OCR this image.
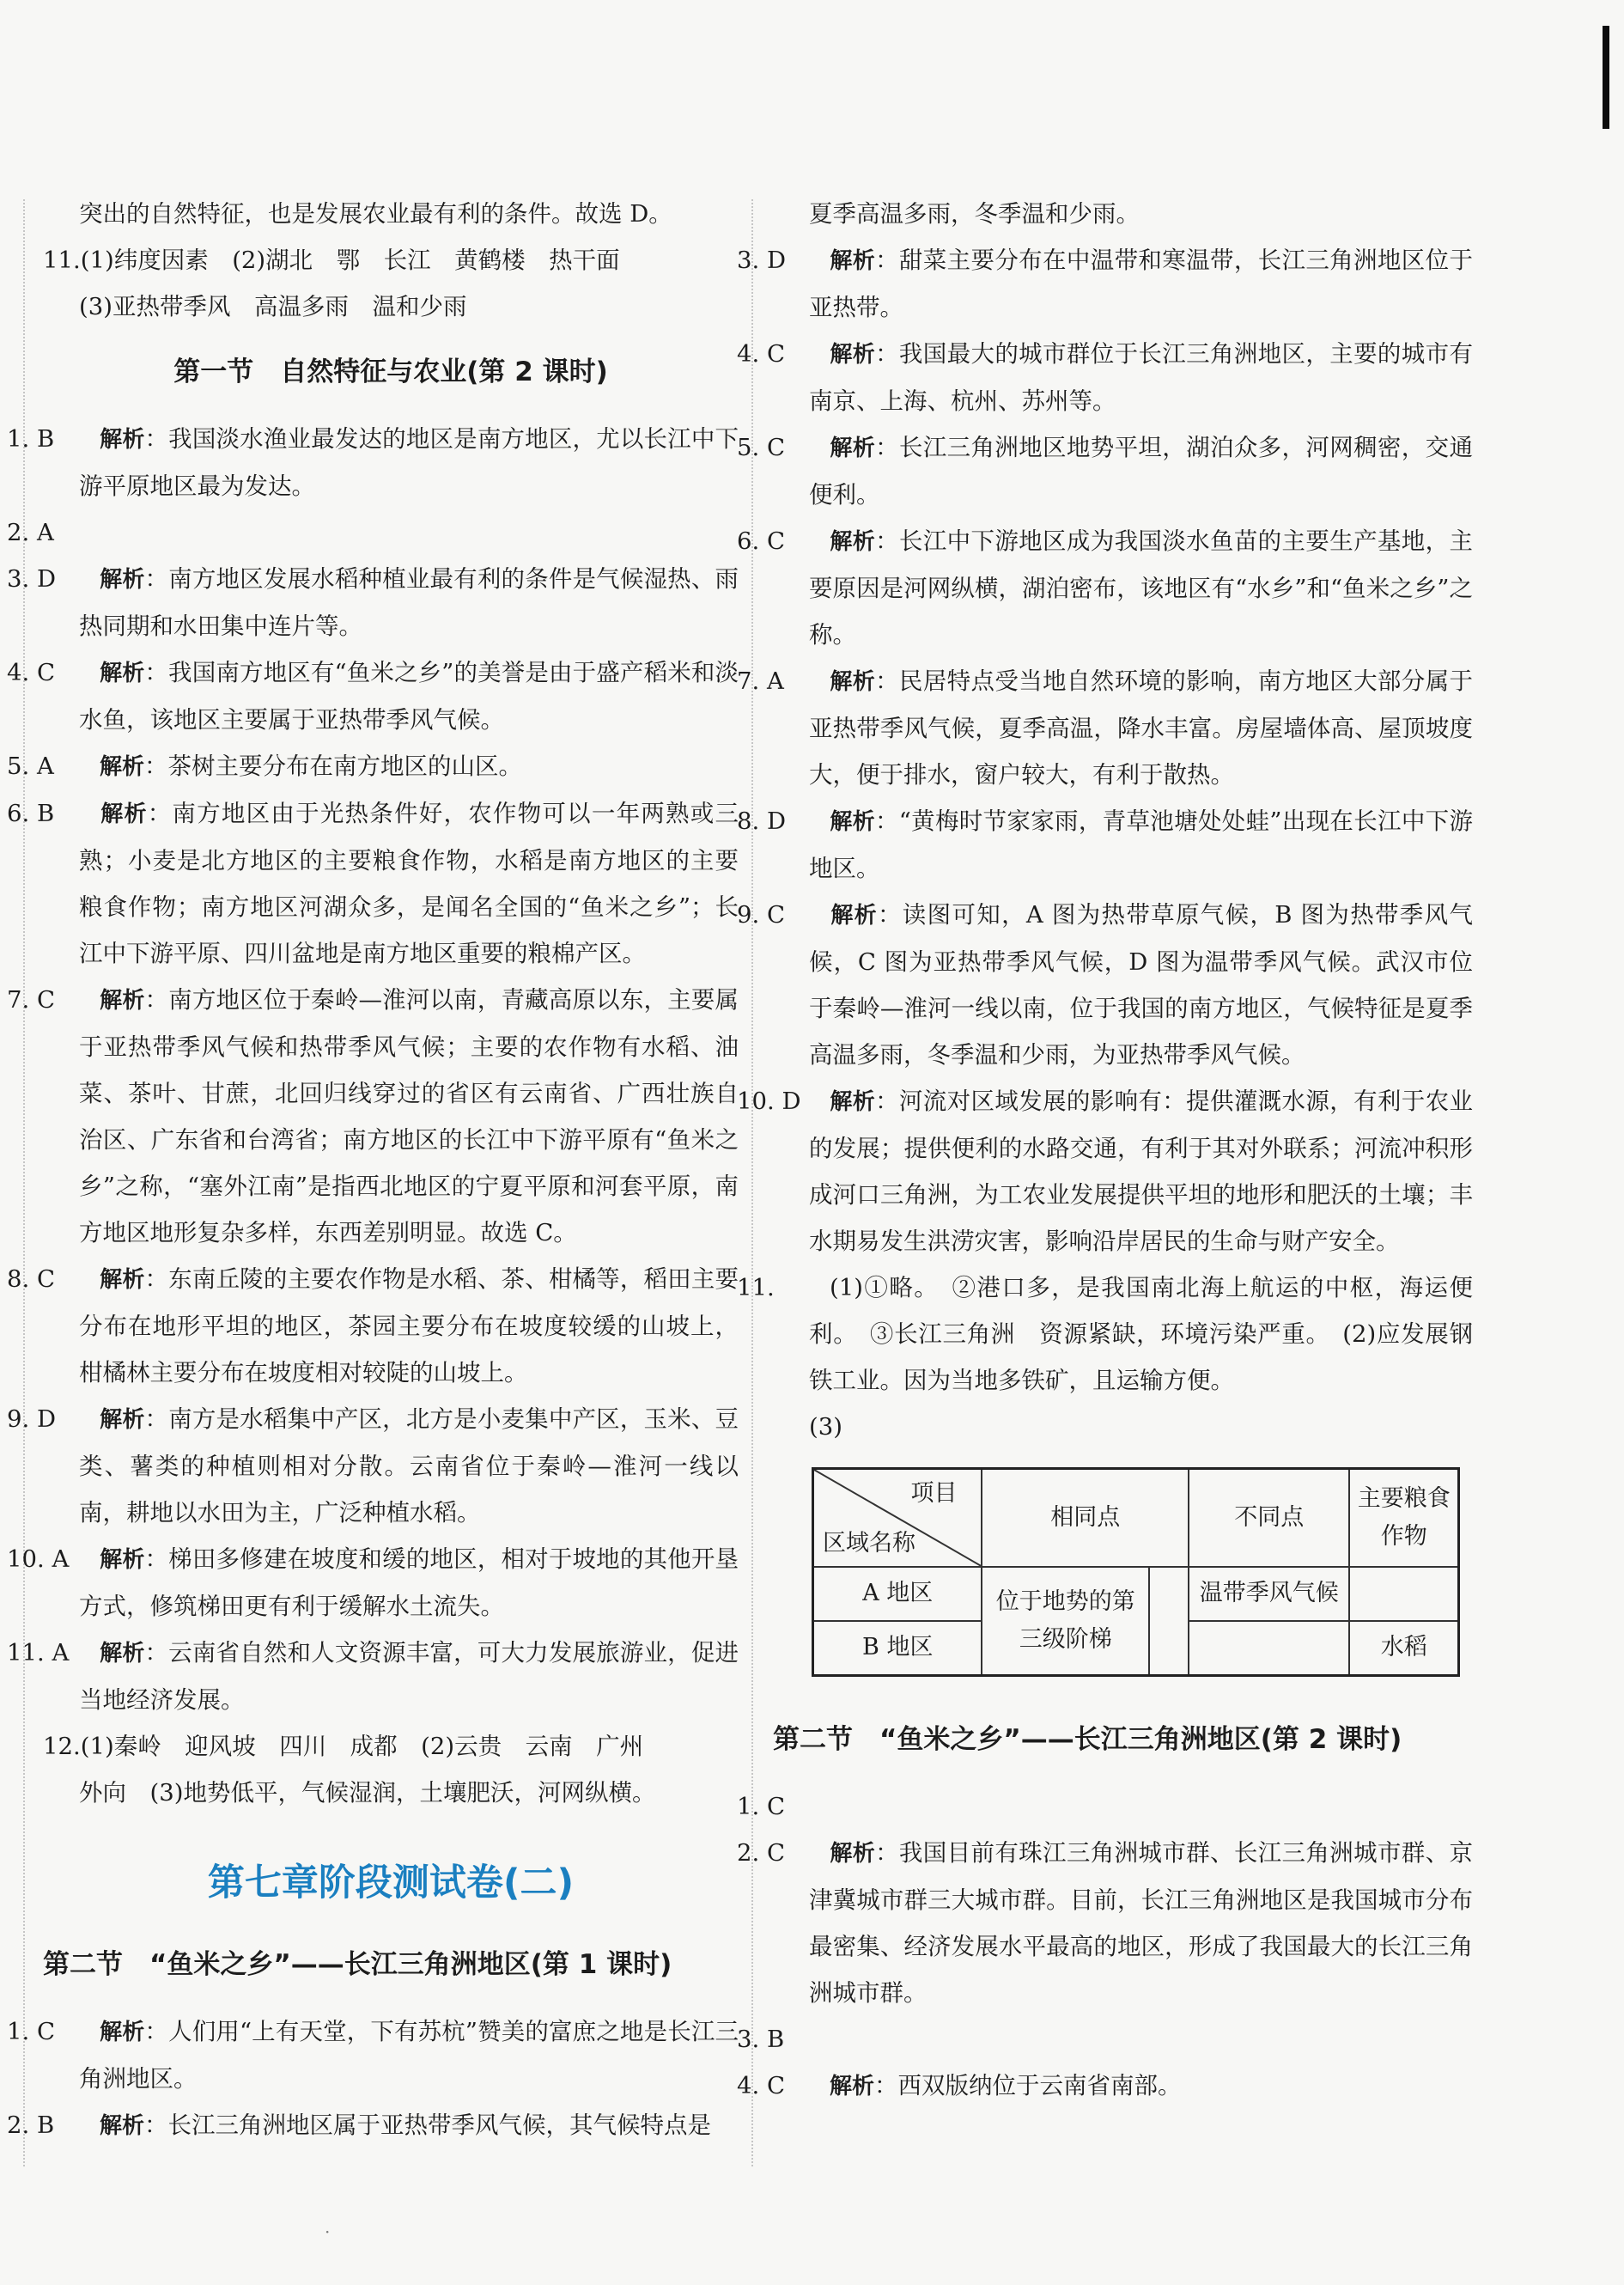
突出的自然特征，也是发展农业最有利的条件。故选 D。

11.(1)纬度因素　(2)湖北　鄂　长江　黄鹤楼　热干面
(3)亚热带季风　高温多雨　温和少雨

第一节　自然特征与农业(第 2 课时)

1. B 解析：我国淡水渔业最发达的地区是南方地区，尤以长江中下游平原地区最为发达。

2. A

3. D 解析：南方地区发展水稻种植业最有利的条件是气候湿热、雨热同期和水田集中连片等。

4. C 解析：我国南方地区有“鱼米之乡”的美誉是由于盛产稻米和淡水鱼，该地区主要属于亚热带季风气候。

5. A 解析：茶树主要分布在南方地区的山区。

6. B 解析：南方地区由于光热条件好，农作物可以一年两熟或三熟；小麦是北方地区的主要粮食作物，水稻是南方地区的主要粮食作物；南方地区河湖众多，是闻名全国的“鱼米之乡”；长江中下游平原、四川盆地是南方地区重要的粮棉产区。

7. C 解析：南方地区位于秦岭—淮河以南，青藏高原以东，主要属于亚热带季风气候和热带季风气候；主要的农作物有水稻、油菜、茶叶、甘蔗，北回归线穿过的省区有云南省、广西壮族自治区、广东省和台湾省；南方地区的长江中下游平原有“鱼米之乡”之称，“塞外江南”是指西北地区的宁夏平原和河套平原，南方地区地形复杂多样，东西差别明显。故选 C。

8. C 解析：东南丘陵的主要农作物是水稻、茶、柑橘等，稻田主要分布在地形平坦的地区，茶园主要分布在坡度较缓的山坡上，柑橘林主要分布在坡度相对较陡的山坡上。

9. D 解析：南方是水稻集中产区，北方是小麦集中产区，玉米、豆类、薯类的种植则相对分散。云南省位于秦岭—淮河一线以南，耕地以水田为主，广泛种植水稻。

10. A 解析：梯田多修建在坡度和缓的地区，相对于坡地的其他开垦方式，修筑梯田更有利于缓解水土流失。

11. A 解析：云南省自然和人文资源丰富，可大力发展旅游业，促进当地经济发展。

12.(1)秦岭　迎风坡　四川　成都　(2)云贵　云南　广州
外向　(3)地势低平，气候湿润，土壤肥沃，河网纵横。

第七章阶段测试卷(二)
第二节　“鱼米之乡”——长江三角洲地区(第 1 课时)

1. C 解析：人们用“上有天堂，下有苏杭”赞美的富庶之地是长江三角洲地区。

2. B 解析：长江三角洲地区属于亚热带季风气候，其气候特点是

夏季高温多雨，冬季温和少雨。

3. D 解析：甜菜主要分布在中温带和寒温带，长江三角洲地区位于亚热带。

4. C 解析：我国最大的城市群位于长江三角洲地区，主要的城市有南京、上海、杭州、苏州等。

5. C 解析：长江三角洲地区地势平坦，湖泊众多，河网稠密，交通便利。

6. C 解析：长江中下游地区成为我国淡水鱼苗的主要生产基地，主要原因是河网纵横，湖泊密布，该地区有“水乡”和“鱼米之乡”之称。

7. A 解析：民居特点受当地自然环境的影响，南方地区大部分属于亚热带季风气候，夏季高温，降水丰富。房屋墙体高、屋顶坡度大，便于排水，窗户较大，有利于散热。

8. D 解析：“黄梅时节家家雨，青草池塘处处蛙”出现在长江中下游地区。

9. C 解析：读图可知，A 图为热带草原气候，B 图为热带季风气候，C 图为亚热带季风气候，D 图为温带季风气候。武汉市位于秦岭—淮河一线以南，位于我国的南方地区，气候特征是夏季高温多雨，冬季温和少雨，为亚热带季风气候。

10. D 解析：河流对区域发展的影响有：提供灌溉水源，有利于农业的发展；提供便利的水路交通，有利于其对外联系；河流冲积形成河口三角洲，为工农业发展提供平坦的地形和肥沃的土壤；丰水期易发生洪涝灾害，影响沿岸居民的生命与财产安全。

11. (1)①略。　②港口多，是我国南北海上航运的中枢，海运便利。　③长江三角洲　资源紧缺，环境污染严重。　(2)应发展钢铁工业。因为当地多铁矿，且运输方便。

(3)

项目
区域名称	相同点	不同点	主要粮食作物
A 地区	位于地势的第三级阶梯	温带季风气候	
B 地区			水稻
第二节　“鱼米之乡”——长江三角洲地区(第 2 课时)

1. C

2. C 解析：我国目前有珠江三角洲城市群、长江三角洲城市群、京津冀城市群三大城市群。目前，长江三角洲地区是我国城市分布最密集、经济发展水平最高的地区，形成了我国最大的长江三角洲城市群。

3. B

4. C 解析：西双版纳位于云南省南部。

·
